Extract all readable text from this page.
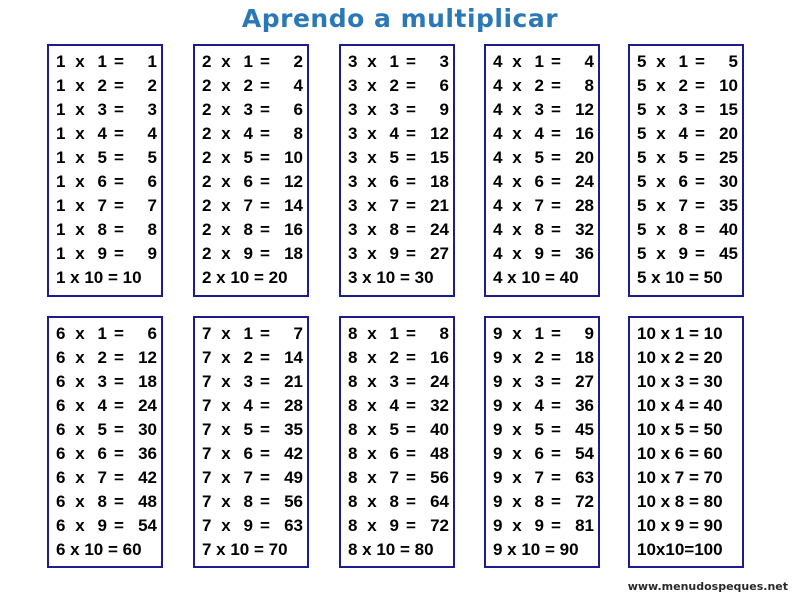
Aprendo a multiplicar
1 x 1 =	1
1 x 2 =	2
1 x 3 =	3
1 x 4 =	4
1 x 5 =	5
1 x 6 =	6
1 x 7 =	7
1 x 8 =	8
1 x 9 =	9
1 x 10 = 10
2 x 1 =	2
2 x 2 =	4
2 x 3 =	6
2 x 4 =	8
2 x 5 = 10
2 x 6 = 12
2 x 7 = 14
2 x 8 = 16
2 x 9 = 18
2 x 10 = 20
3 x 1 =	3
3 x 2 =	6
3 x 3 =	9
3 x 4 = 12
3 x 5 = 15
3 x 6 = 18
3 x 7 = 21
3 x 8 = 24
3 x 9 = 27
3 x 10 = 30
4 x 1 =	4
4 x 2 =	8
4 x 3 = 12
4 x 4 = 16
4 x 5 = 20
4 x 6 = 24
4 x 7 = 28
4 x 8 = 32
4 x 9 = 36
4 x 10 = 40
5 x 1 =	5
5 x 2 = 10
5 x 3 = 15
5 x 4 = 20
5 x 5 = 25
5 x 6 = 30
5 x 7 = 35
5 x 8 = 40
5 x 9 = 45
5 x 10 = 50
6 x 1 =	6
6 x 2 = 12
6 x 3 = 18
6 x 4 = 24
6 x 5 = 30
6 x 6 = 36
6 x 7 = 42
6 x 8 = 48
6 x 9 = 54
6 x 10 = 60
7 x 1 =	7
7 x 2 = 14
7 x 3 = 21
7 x 4 = 28
7 x 5 = 35
7 x 6 = 42
7 x 7 = 49
7 x 8 = 56
7 x 9 = 63
7 x 10 = 70
8 x 1 =	8
8 x 2 = 16
8 x 3 = 24
8 x 4 = 32
8 x 5 = 40
8 x 6 = 48
8 x 7 = 56
8 x 8 = 64
8 x 9 = 72
8 x 10 = 80
9 x 1 =	9
9 x 2 = 18
9 x 3 = 27
9 x 4 = 36
9 x 5 = 45
9 x 6 = 54
9 x 7 = 63
9 x 8 = 72
9 x 9 = 81
9 x 10 = 90
10 x 1 = 10
10 x 2 = 20
10 x 3 = 30
10 x 4 = 40
10 x 5 = 50
10 x 6 = 60
10 x 7 = 70
10 x 8 = 80
10 x 9 = 90
10x10=100
www.menudospeques.net
